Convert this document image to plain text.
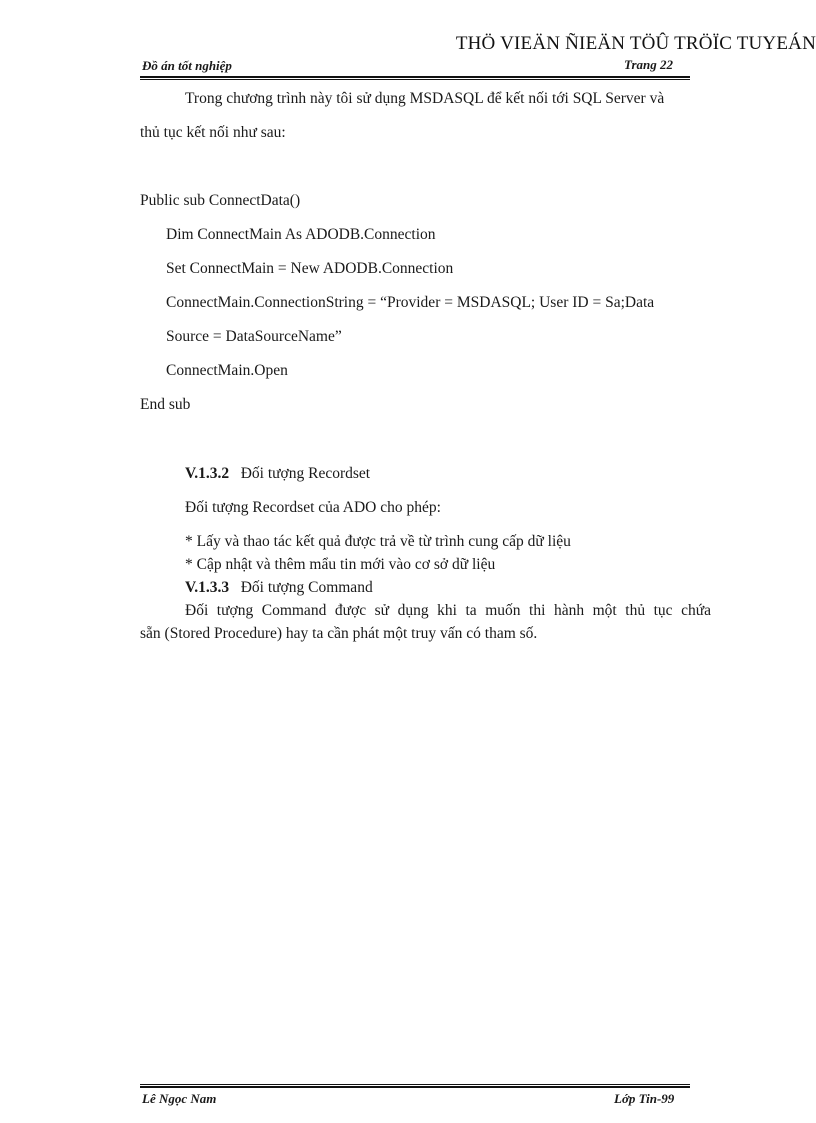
THÖ VIEÄN ÑIEÄN TÖÛ TRÖÏC TUYEÁN
Đồ án tốt nghiệp	Trang 22
Trong chương trình này tôi sử dụng MSDASQL để kết nối tới SQL Server và
thủ tục kết nối như sau:
Public sub ConnectData()
Dim ConnectMain As ADODB.Connection
Set ConnectMain = New ADODB.Connection
ConnectMain.ConnectionString = “Provider = MSDASQL; User ID = Sa;Data
Source = DataSourceName”
ConnectMain.Open
End sub
V.1.3.2 Đối tượng Recordset
Đối tượng Recordset của ADO cho phép:
* Lấy và thao tác kết quả được trả về từ trình cung cấp dữ liệu
* Cập nhật và thêm mẩu tin mới vào cơ sở dữ liệu
V.1.3.3 Đối tượng Command
Đối tượng Command được sử dụng khi ta muốn thi hành một thủ tục chứa
sẵn (Stored Procedure) hay ta cần phát một truy vấn có tham số.
Lê Ngọc Nam	Lớp Tin-99
